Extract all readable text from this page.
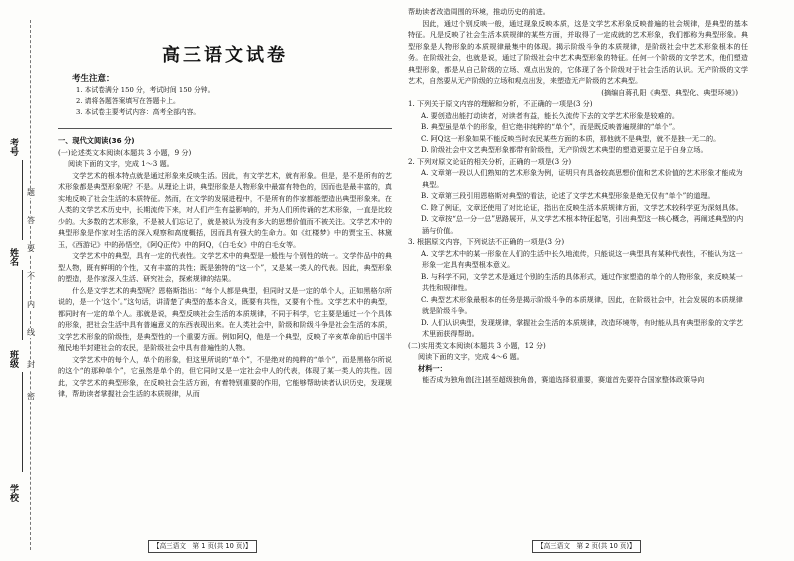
考号
姓名
班级
学校
题
答
要
不
内
线
封
密
高三语文试卷
考生注意：
1. 本试卷满分 150 分，考试时间 150 分钟。
2. 请将各题答案填写在答题卡上。
3. 本试卷主要考试内容：高考全部内容。
一、现代文阅读(36 分)
(一)论述类文本阅读(本题共 3 小题，9 分)
阅读下面的文字，完成 1～3 题。

文学艺术的根本特点就是通过形象来反映生活。因此，有文学艺术，就有形象。但是，是不是所有的艺术形象都是典型形象呢？不是。从理论上讲，典型形象是人物形象中最富有特色的，因而也是最丰富的，真实地反映了社会生活的本质特征。然而，在文学的发展进程中，不是所有的作家都能塑造出典型形象来。在人类的文学艺术历史中，长期流传下来，对人们产生有益影响的，并为人们所传诵的艺术形象，一直是比较少的。大多数的艺术形象，不是被人们忘记了，就是被认为没有多大的思想价值而不被关注。文学艺术中的典型形象是作家对生活的深入观察和高度概括，因而具有强大的生命力。如《红楼梦》中的贾宝玉、林黛玉，《西游记》中的孙悟空，《阿Q正传》中的阿Q，《白毛女》中的白毛女等。

文学艺术中的典型，具有一定的代表性。文学艺术中的典型是一般性与个别性的统一。文学作品中的典型人物，既有鲜明的个性，又有丰富的共性；既是独特的“这一个”，又是某一类人的代表。因此，典型形象的塑造，是作家深入生活、研究社会，探索规律的结果。

什么是文学艺术的典型呢？恩格斯指出：“每个人都是典型，但同时又是一定的单个人，正如黑格尔所说的，是一个‘这个’。”这句话，讲清楚了典型的基本含义，既要有共性，又要有个性。文学艺术中的典型，都同时有一定的单个人。那就是说，典型反映社会生活的本质规律，不同于科学，它主要是通过一个个具体的形象，把社会生活中具有普遍意义的东西表现出来。在人类社会中，阶级和阶级斗争是社会生活的本质，文学艺术形象的阶级性，是典型性的一个重要方面。例如阿Q，他是一个典型，反映了辛亥革命前后中国半殖民地半封建社会的农民，是阶级社会中具有普遍性的人物。

文学艺术中的每个人，单个的形象，但这里所说的“单个”，不是绝对的纯粹的“单个”，而是黑格尔所说的这个“的那种单个”，它虽然是单个的，但它同时又是一定社会中人的代表，体现了某一类人的共性。因此，文学艺术的典型形象，在反映社会生活方面，有着特别重要的作用，它能够帮助读者认识历史，发现规律，帮助读者掌握社会生活的本质规律，从而

帮助读者改造周围的环境，推动历史的前进。

因此，通过个别反映一般，通过现象反映本质，这是文学艺术形象反映普遍的社会规律，是典型的基本特征。凡是反映了社会生活本质规律的某些方面，并取得了一定成就的艺术形象，我们都称为典型形象。典型形象是人物形象的本质规律最集中的体现。揭示阶级斗争的本质规律，是阶级社会中艺术形象根本的任务。在阶级社会，也就是说，通过了阶级社会中艺术典型形象的特征。任何一个阶级的文学艺术，他们塑造典型形象，都是从自己阶级的立场、观点出发的，它体现了各个阶级对于社会生活的认识。无产阶级的文学艺术，自然要从无产阶级的立场和观点出发，来塑造无产阶级的艺术典型。

(摘编自蒋孔阳《典型、典型化、典型环境》)
1. 下列关于原文内容的理解和分析，不正确的一项是(3 分)
A. 要创造出能打动读者，对读者有益，能长久流传下去的文学艺术形象是较难的。
B. 典型虽是单个的形象，但它绝非纯粹的“单个”，而是既反映普遍规律的“单个”。
C. 阿Q这一形象如果不能反映当时农民某些方面的本质，那他就不是典型，就不是独一无二的。
D. 阶级社会中文艺典型形象都带有阶级性，无产阶级艺术典型的塑造更要立足于自身立场。
2. 下列对原文论证的相关分析，正确的一项是(3 分)
A. 文章第一段以人们熟知的艺术形象为例，证明只有具备较高思想价值和艺术价值的艺术形象才能成为典型。
B. 文章第三段引用恩格斯对典型的看法，论述了文学艺术典型形象是绝无仅有“单个”的道理。
C. 除了例证，文章还使用了对比论证，指出在反映生活本质规律方面，文学艺术较科学更为深刻具体。
D. 文章按“总一分一总”思路展开，从文学艺术根本特征起笔，引出典型这一核心概念，再阐述典型的内涵与价值。
3. 根据原文内容，下列说法不正确的一项是(3 分)
A. 文学艺术中的某一形象在人们的生活中长久地流传，只能说这一典型具有某种代表性，不能认为这一形象一定具有典型根本意义。
B. 与科学不同，文学艺术是通过个别的生活的具体形式，通过作家塑造的单个的人物形象，来反映某一共性和规律性。
C. 典型艺术形象最根本的任务是揭示阶级斗争的本质规律，因此，在阶级社会中，社会发展的本质规律就是阶级斗争。
D. 人们认识典型，发现规律，掌握社会生活的本质规律，改造环境等，有时能从具有典型形象的文学艺术里面获得帮助。
(二)实用类文本阅读(本题共 3 小题，12 分)
阅读下面的文字，完成 4～6 题。
材料一：

能否成为独角兽[注]甚至超级独角兽，赛道选择很重要，赛道首先要符合国家整体政策导向

【高三语文　第 1 页(共 10 页)】	【高三语文　第 2 页(共 10 页)】
